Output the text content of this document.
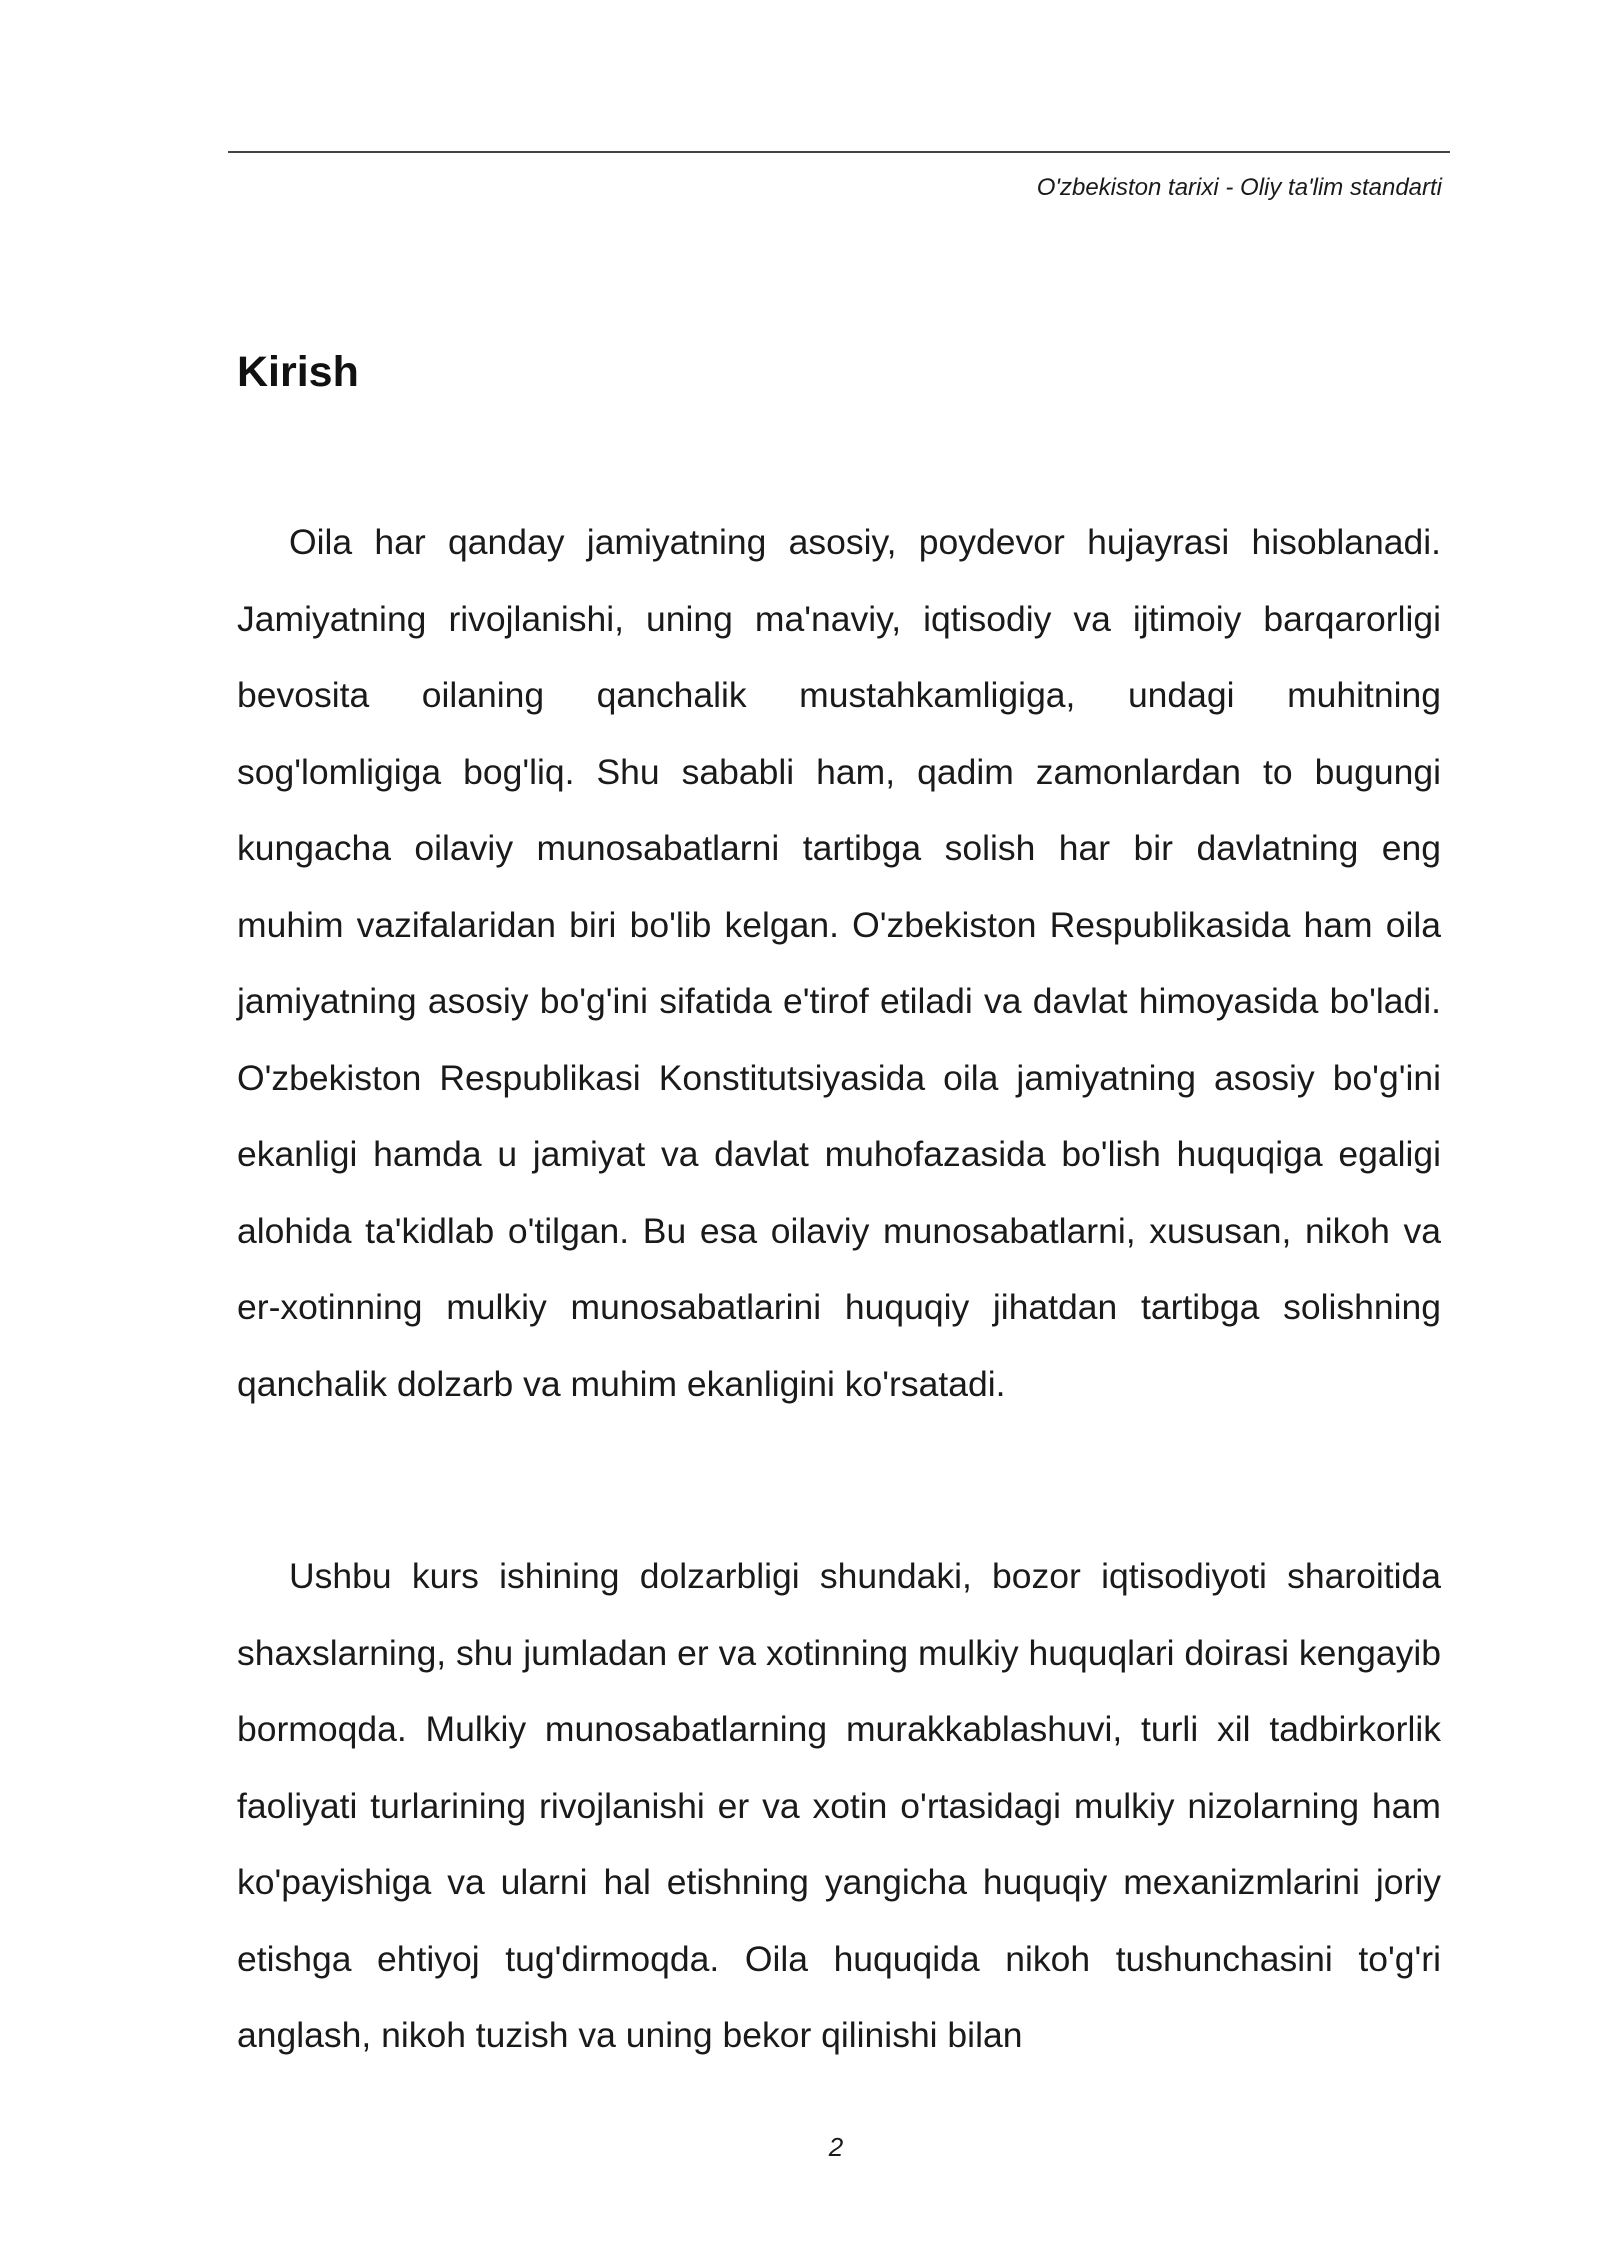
O'zbekiston tarixi - Oliy ta'lim standarti
Kirish

Oila har qanday jamiyatning asosiy, poydevor hujayrasi hisoblanadi. Jamiyatning rivojlanishi, uning ma'naviy, iqtisodiy va ijtimoiy barqarorligi bevosita oilaning qanchalik mustahkamligiga, undagi muhitning sog'lomligiga bog'liq. Shu sababli ham, qadim zamonlardan to bugungi kungacha oilaviy munosabatlarni tartibga solish har bir davlatning eng muhim vazifalaridan biri bo'lib kelgan. O'zbekiston Respublikasida ham oila jamiyatning asosiy bo'g'ini sifatida e'tirof etiladi va davlat himoyasida bo'ladi. O'zbekiston Respublikasi Konstitutsiyasida oila jamiyatning asosiy bo'g'ini ekanligi hamda u jamiyat va davlat muhofazasida bo'lish huquqiga egaligi alohida ta'kidlab o'tilgan. Bu esa oilaviy munosabatlarni, xususan, nikoh va er-xotinning mulkiy munosabatlarini huquqiy jihatdan tartibga solishning qanchalik dolzarb va muhim ekanligini ko'rsatadi.

Ushbu kurs ishining dolzarbligi shundaki, bozor iqtisodiyoti sharoitida shaxslarning, shu jumladan er va xotinning mulkiy huquqlari doirasi kengayib bormoqda. Mulkiy munosabatlarning murakkablashuvi, turli xil tadbirkorlik faoliyati turlarining rivojlanishi er va xotin o'rtasidagi mulkiy nizolarning ham ko'payishiga va ularni hal etishning yangicha huquqiy mexanizmlarini joriy etishga ehtiyoj tug'dirmoqda. Oila huquqida nikoh tushunchasini to'g'ri anglash, nikoh tuzish va uning bekor qilinishi bilan

2
